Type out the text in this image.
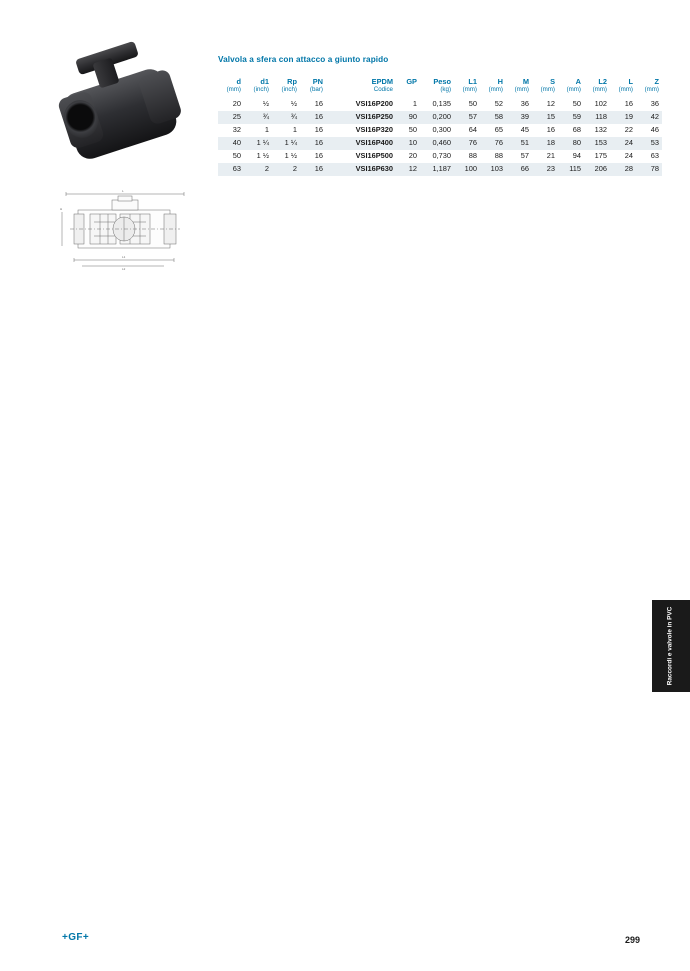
L
L1
L2
H
Valvola a sfera con attacco a giunto rapido
d	d1	Rp	PN	EPDM	GP	Peso	L1	H	M	S	A	L2	L	Z
(mm)	(inch)	(inch)	(bar)	Codice		(kg)	(mm)	(mm)	(mm)	(mm)	(mm)	(mm)	(mm)	(mm)
20	½	½	16	VSI16P200	1	0,135	50	52	36	12	50	102	16	36
25	¾	¾	16	VSI16P250	90	0,200	57	58	39	15	59	118	19	42
32	1	1	16	VSI16P320	50	0,300	64	65	45	16	68	132	22	46
40	1 ¼	1 ¼	16	VSI16P400	10	0,460	76	76	51	18	80	153	24	53
50	1 ½	1 ½	16	VSI16P500	20	0,730	88	88	57	21	94	175	24	63
63	2	2	16	VSI16P630	12	1,187	100	103	66	23	115	206	28	78
Raccordi e valvole in PVC
+GF+	299
